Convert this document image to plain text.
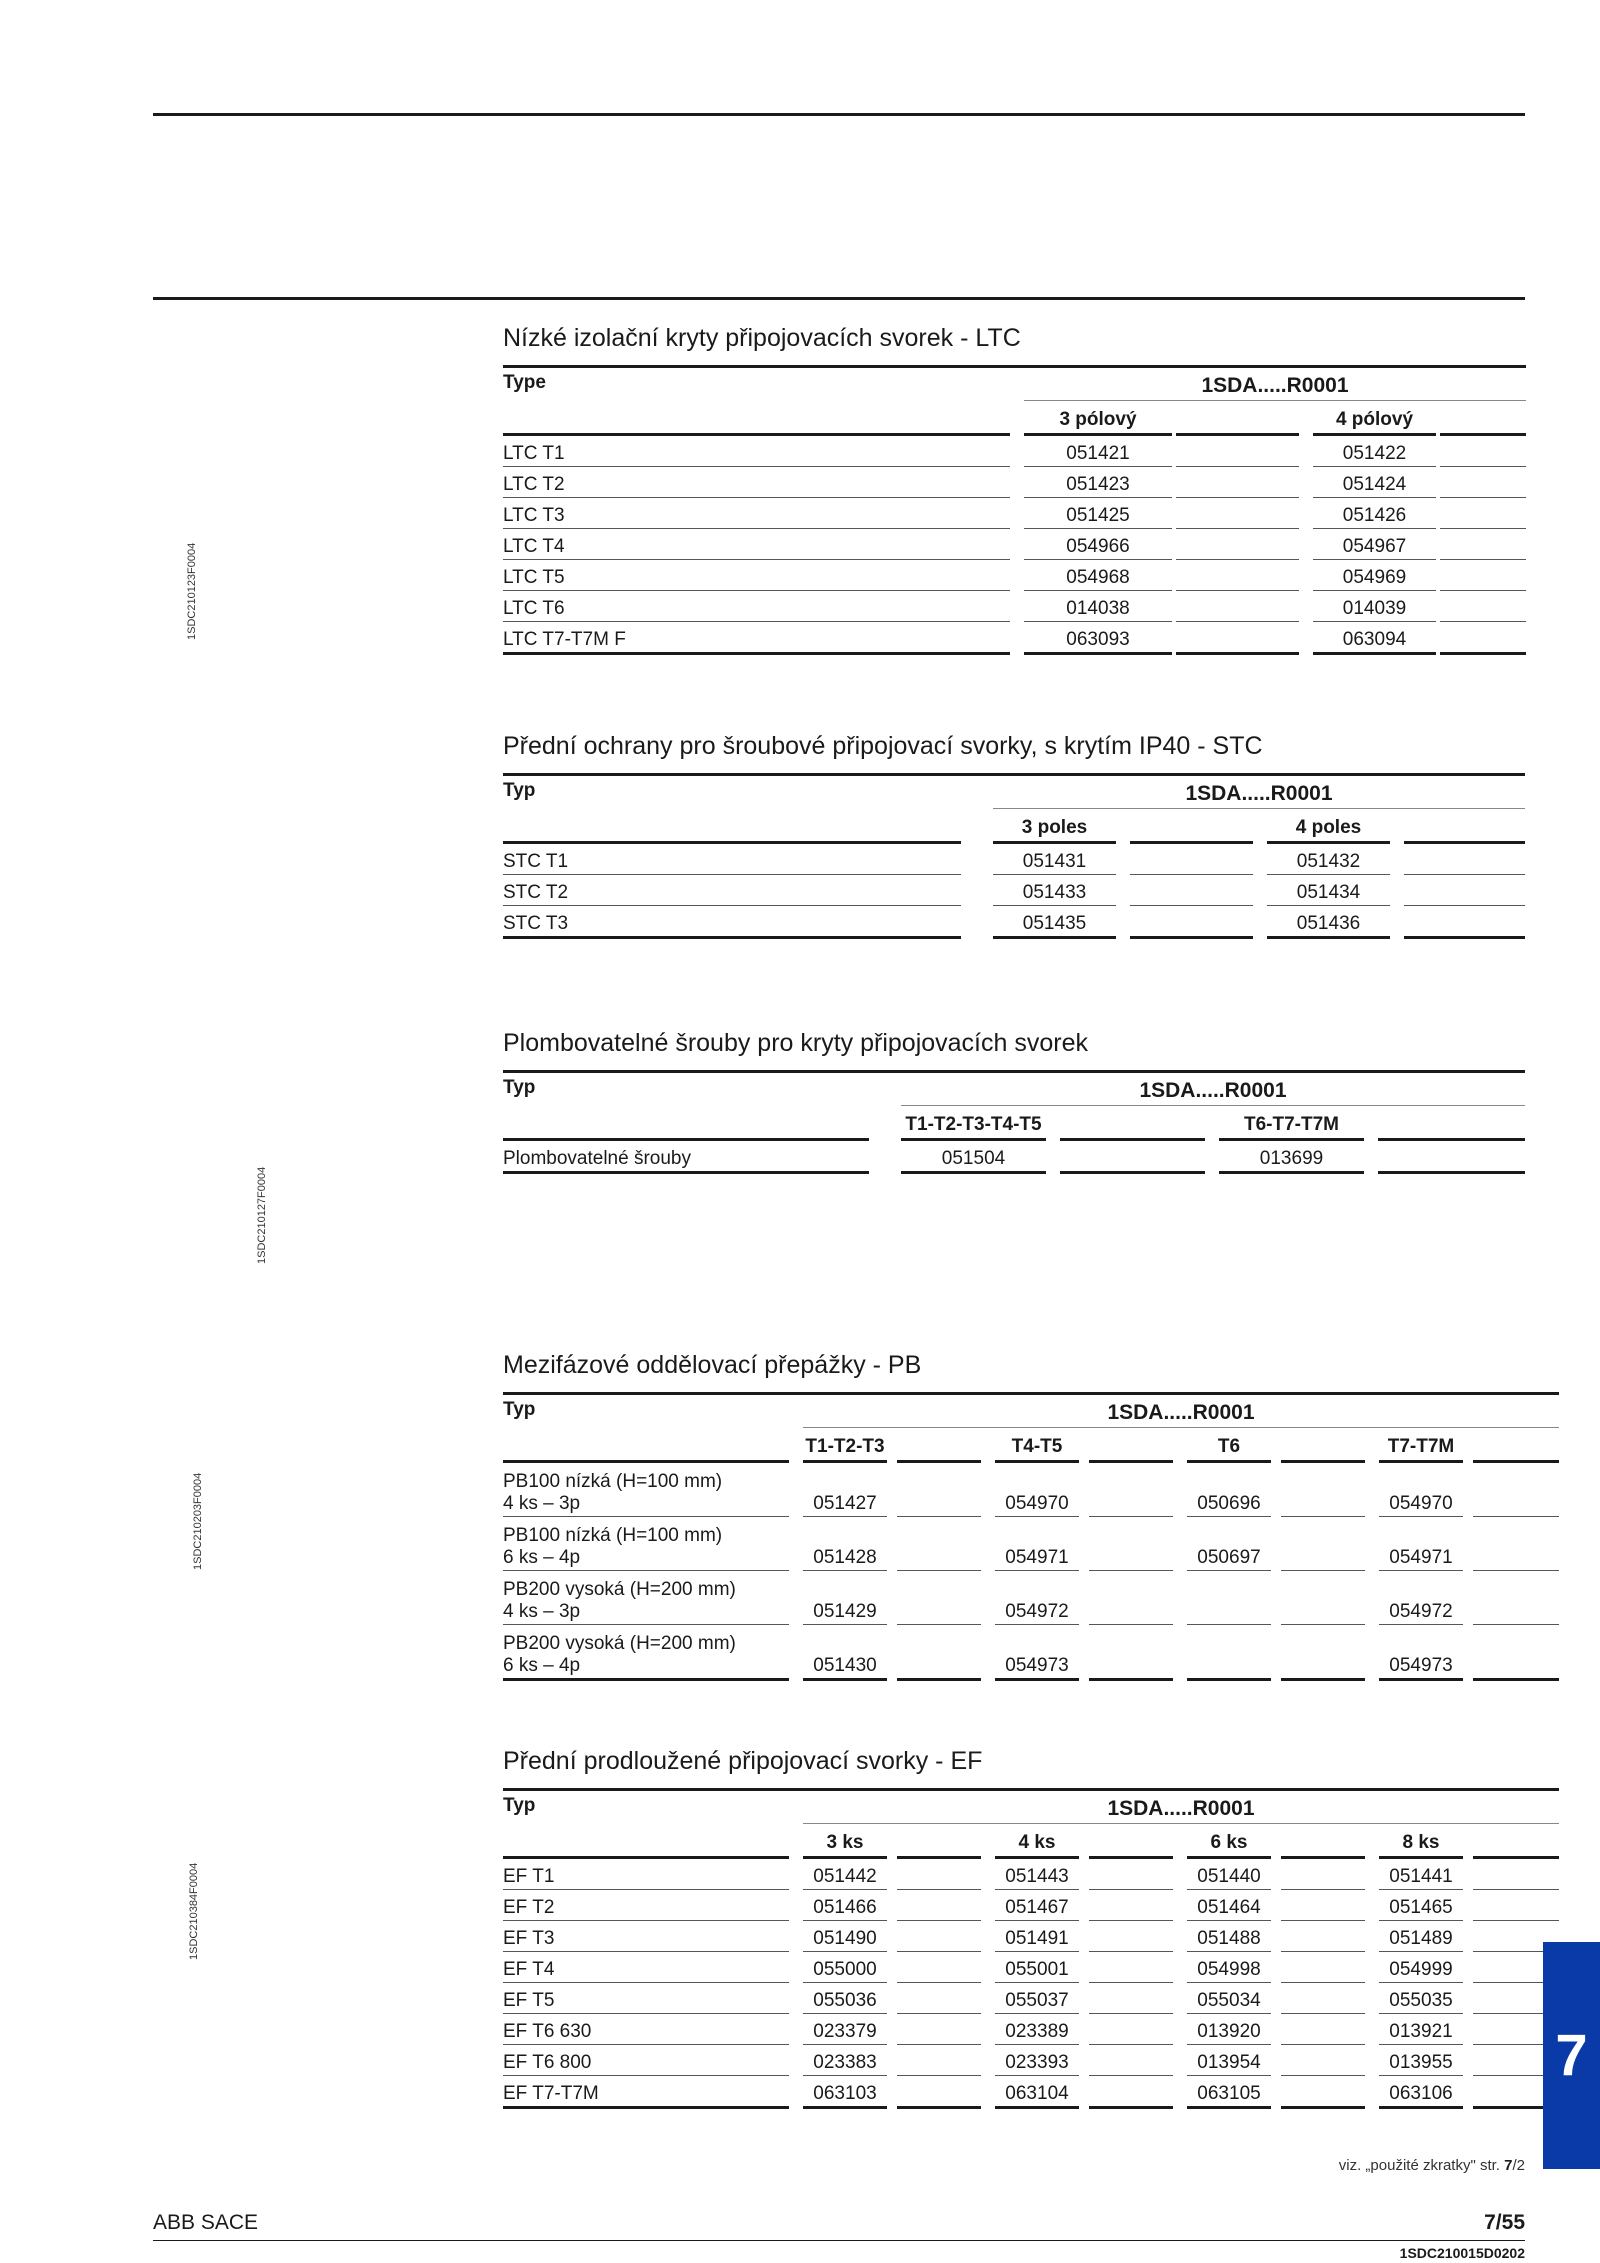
1SDC210123F0004
1SDC210127F0004
1SDC210203F0004
1SDC210384F0004
Nízké izolační kryty připojovacích svorek - LTC

Type		1SDA.....R0001						
		3 pólový				4 pólový		
LTC T1		051421				051422		
LTC T2		051423				051424		
LTC T3		051425				051426		
LTC T4		054966				054967		
LTC T5		054968				054969		
LTC T6		014038				014039		
LTC T7-T7M F		063093				063094		
Přední ochrany pro šroubové připojovací svorky, s krytím IP40 - STC

Typ		1SDA.....R0001						
		3 poles				4 poles		
STC T1		051431				051432		
STC T2		051433				051434		
STC T3		051435				051436		
Plombovatelné šrouby pro kryty připojovacích svorek

Typ		1SDA.....R0001						
		T1-T2-T3-T4-T5				T6-T7-T7M		
Plombovatelné šrouby		051504				013699		
Mezifázové oddělovací přepážky - PB

Typ		1SDA.....R0001														
		T1-T2-T3				T4-T5				T6				T7-T7M		

PB100 nízká (H=100 mm)
4 ks – 3p		051427				054970				050696				054970		

PB100 nízká (H=100 mm)
6 ks – 4p		051428				054971				050697				054971		

PB200 vysoká (H=200 mm)
4 ks – 3p		051429				054972								054972		

PB200 vysoká (H=200 mm)
6 ks – 4p		051430				054973								054973		
Přední prodloužené připojovací svorky - EF

Typ		1SDA.....R0001														
		3 ks				4 ks				6 ks				8 ks		
EF T1		051442				051443				051440				051441		
EF T2		051466				051467				051464				051465		
EF T3		051490				051491				051488				051489		
EF T4		055000				055001				054998				054999		
EF T5		055036				055037				055034				055035		
EF T6 630		023379				023389				013920				013921		
EF T6 800		023383				023393				013954				013955		
EF T7-T7M		063103				063104				063105				063106		
7
viz. „použité zkratky" str. 7/2
ABB SACE	7/55
1SDC210015D0202
